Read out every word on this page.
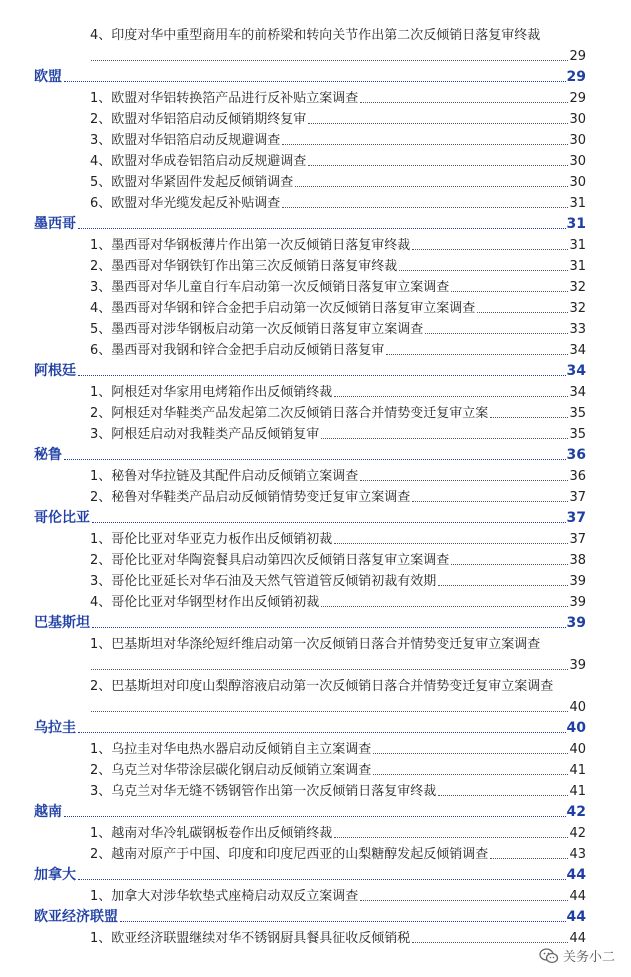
4、印度对华中重型商用车的前桥梁和转向关节作出第二次反倾销日落复审终裁
29
欧盟	29
1、欧盟对华铝转换箔产品进行反补贴立案调查	29
2、欧盟对华铝箔启动反倾销期终复审	30
3、欧盟对华铝箔启动反规避调查	30
4、欧盟对华成卷铝箔启动反规避调查	30
5、欧盟对华紧固件发起反倾销调查	30
6、欧盟对华光缆发起反补贴调查	31
墨西哥	31
1、墨西哥对华钢板薄片作出第一次反倾销日落复审终裁	31
2、墨西哥对华钢铁钉作出第三次反倾销日落复审终裁	31
3、墨西哥对华儿童自行车启动第一次反倾销日落复审立案调查	32
4、墨西哥对华钢和锌合金把手启动第一次反倾销日落复审立案调查	32
5、墨西哥对涉华钢板启动第一次反倾销日落复审立案调查	33
6、墨西哥对我钢和锌合金把手启动反倾销日落复审	34
阿根廷	34
1、阿根廷对华家用电烤箱作出反倾销终裁	34
2、阿根廷对华鞋类产品发起第二次反倾销日落合并情势变迁复审立案	35
3、阿根廷启动对我鞋类产品反倾销复审	35
秘鲁	36
1、秘鲁对华拉链及其配件启动反倾销立案调查	36
2、秘鲁对华鞋类产品启动反倾销情势变迁复审立案调查	37
哥伦比亚	37
1、哥伦比亚对华亚克力板作出反倾销初裁	37
2、哥伦比亚对华陶瓷餐具启动第四次反倾销日落复审立案调查	38
3、哥伦比亚延长对华石油及天然气管道管反倾销初裁有效期	39
4、哥伦比亚对华钢型材作出反倾销初裁	39
巴基斯坦	39
1、巴基斯坦对华涤纶短纤维启动第一次反倾销日落合并情势变迁复审立案调查
39
2、巴基斯坦对印度山梨醇溶液启动第一次反倾销日落合并情势变迁复审立案调查
40
乌拉圭	40
1、乌拉圭对华电热水器启动反倾销自主立案调查	40
2、乌克兰对华带涂层碳化钢启动反倾销立案调查	41
3、乌克兰对华无缝不锈钢管作出第一次反倾销日落复审终裁	41
越南	42
1、越南对华冷轧碳钢板卷作出反倾销终裁	42
2、越南对原产于中国、印度和印度尼西亚的山梨糖醇发起反倾销调查	43
加拿大	44
1、加拿大对涉华软垫式座椅启动双反立案调查	44
欧亚经济联盟	44
1、欧亚经济联盟继续对华不锈钢厨具餐具征收反倾销税	44
关务小二
